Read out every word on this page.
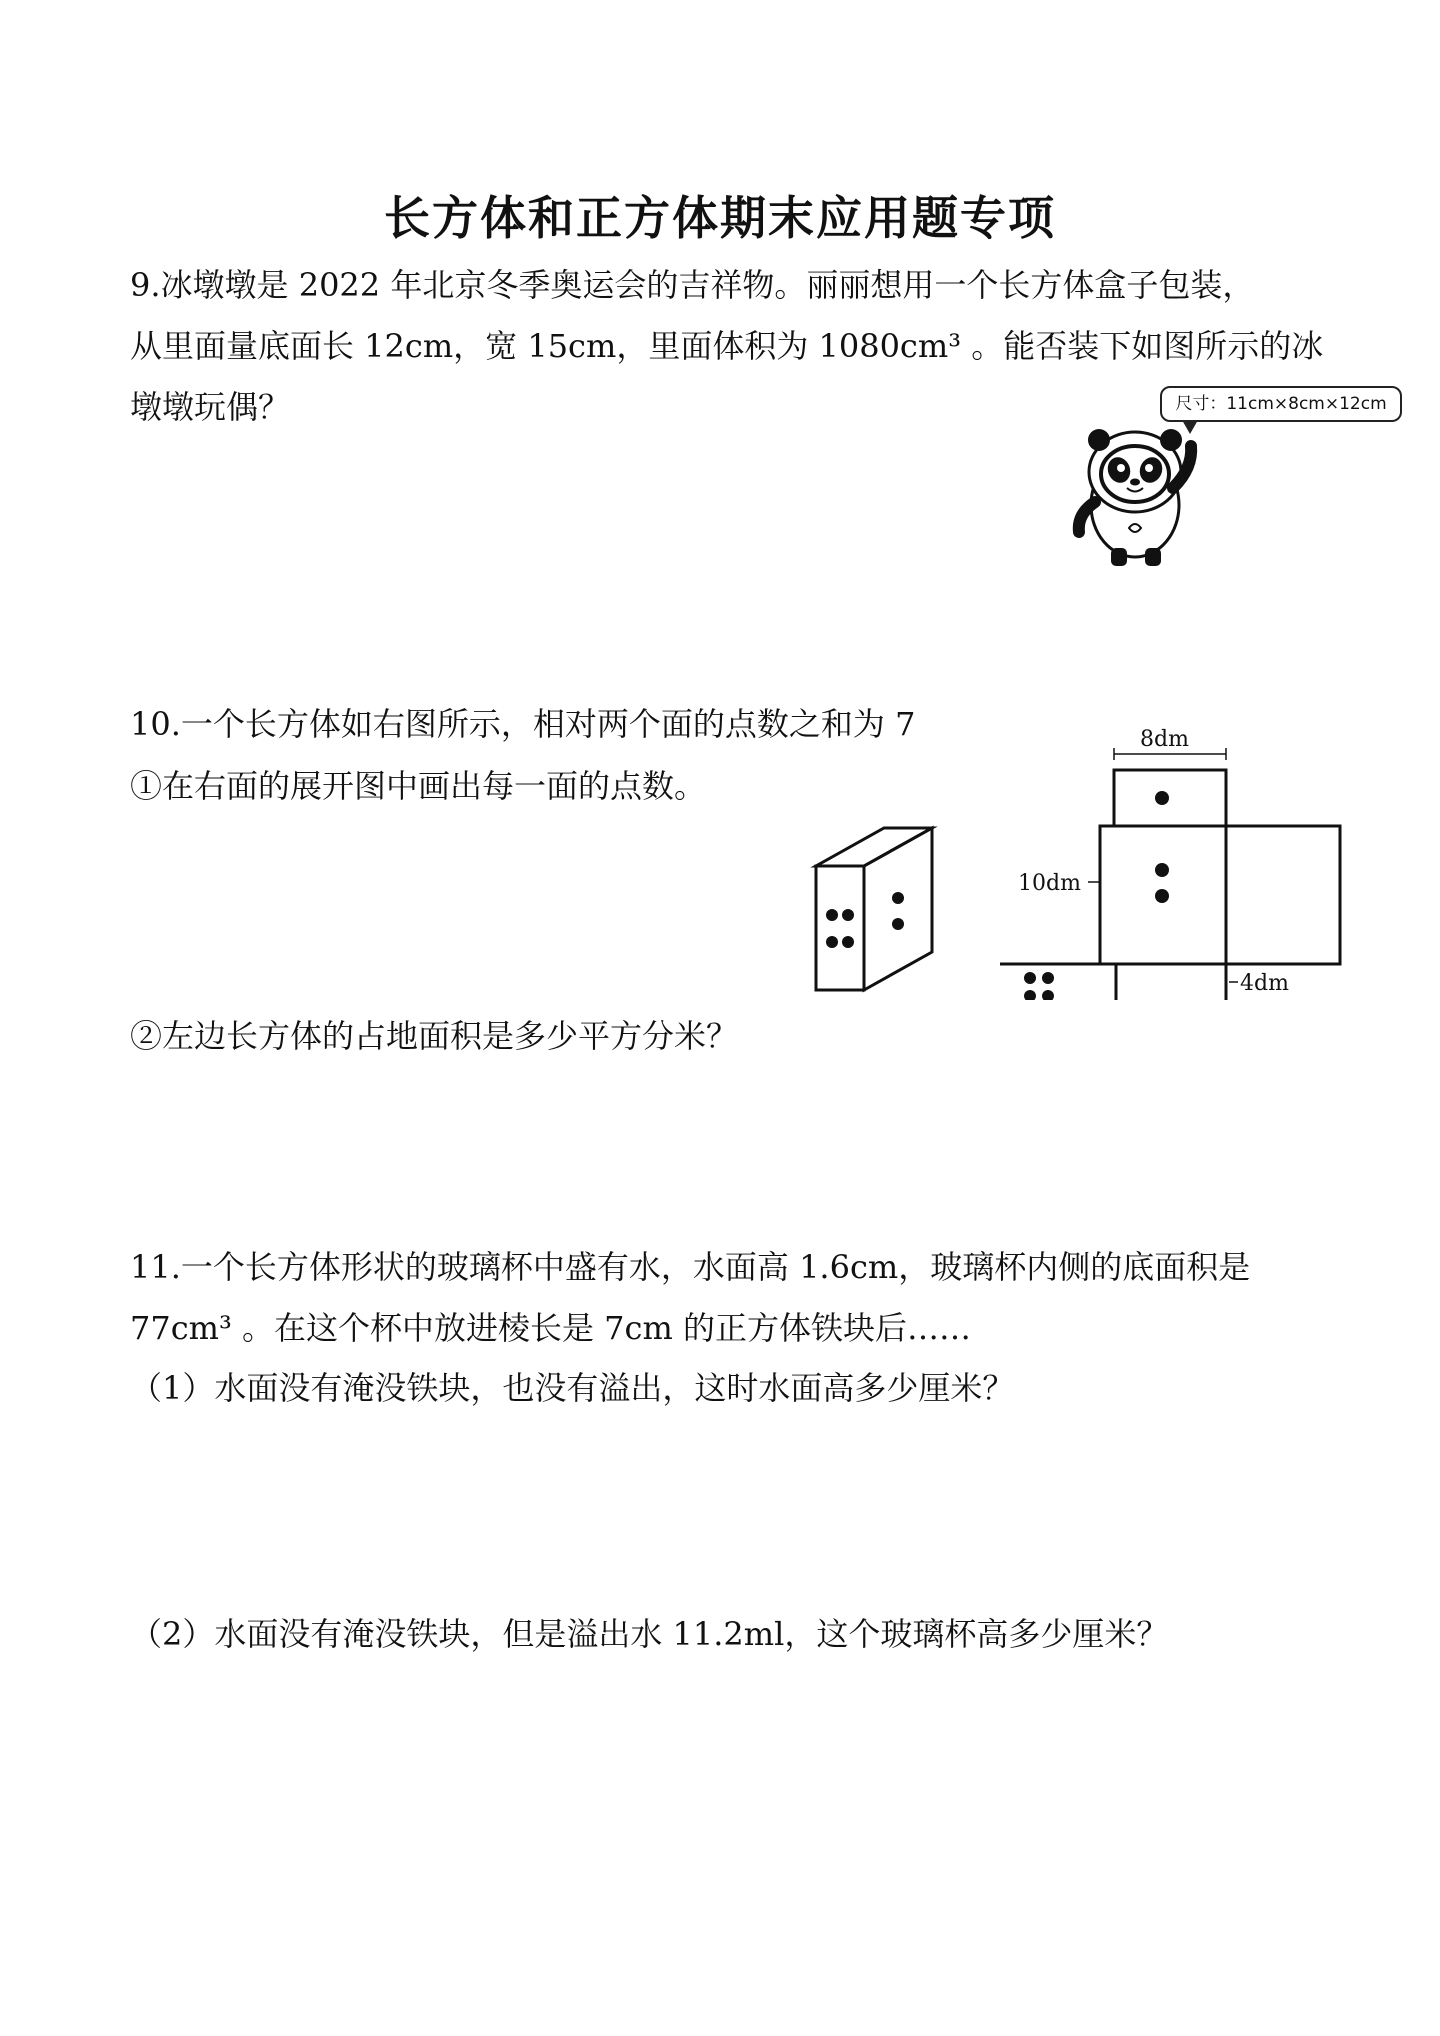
长方体和正方体期末应用题专项
9.冰墩墩是 2022 年北京冬季奥运会的吉祥物。丽丽想用一个长方体盒子包装，
从里面量底面长 12cm，宽 15cm，里面体积为 1080cm³ 。能否装下如图所示的冰
墩墩玩偶？	尺寸：11cm×8cm×12cm
10.一个长方体如右图所示，相对两个面的点数之和为 7
①在右面的展开图中画出每一面的点数。
8dm
10dm
4dm
②左边长方体的占地面积是多少平方分米？
11.一个长方体形状的玻璃杯中盛有水，水面高 1.6cm，玻璃杯内侧的底面积是
77cm³ 。在这个杯中放进棱长是 7cm 的正方体铁块后……
（1）水面没有淹没铁块，也没有溢出，这时水面高多少厘米？
（2）水面没有淹没铁块，但是溢出水 11.2ml，这个玻璃杯高多少厘米？
